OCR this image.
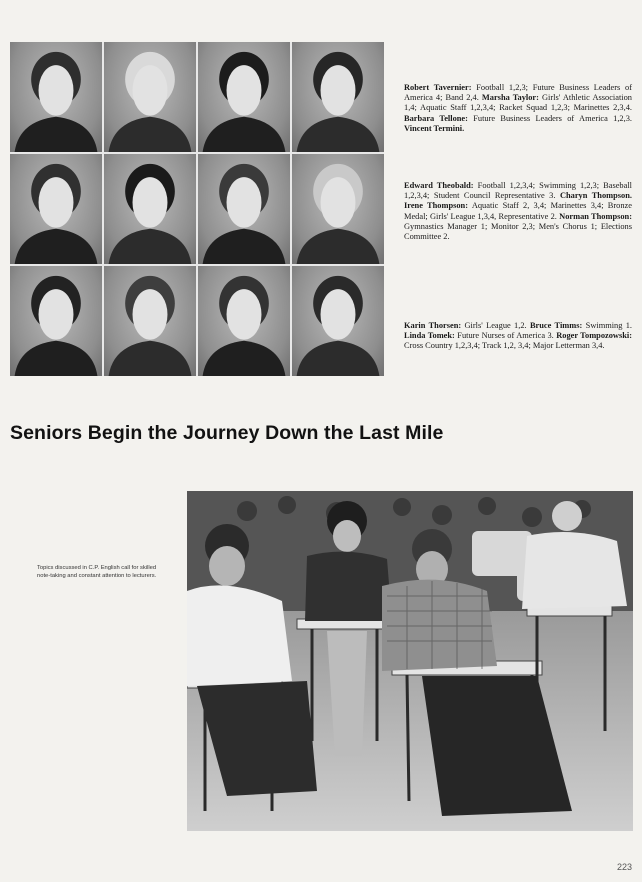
Robert Tavernier: Football 1,2,3; Future Business Leaders of America 4; Band 2,4. Marsha Taylor: Girls' Athletic Association 1,4; Aquatic Staff 1,2,3,4; Racket Squad 1,2,3; Marinettes 2,3,4. Barbara Tellone: Future Business Leaders of America 1,2,3. Vincent Termini.
Edward Theobald: Football 1,2,3,4; Swimming 1,2,3; Baseball 1,2,3,4; Student Council Representative 3. Charyn Thompson. Irene Thompson: Aquatic Staff 2, 3,4; Marinettes 3,4; Bronze Medal; Girls' League 1,3,4, Representative 2. Norman Thompson: Gymnastics Manager 1; Monitor 2,3; Men's Chorus 1; Elections Committee 2.
Karin Thorsen: Girls' League 1,2. Bruce Timms: Swimming 1. Linda Tomek: Future Nurses of America 3. Roger Tompozowski: Cross Country 1,2,3,4; Track 1,2, 3,4; Major Letterman 3,4.
Seniors Begin the Journey Down the Last Mile
Topics discussed in C.P. English call for skilled note-taking and constant attention to lecturers.
223
